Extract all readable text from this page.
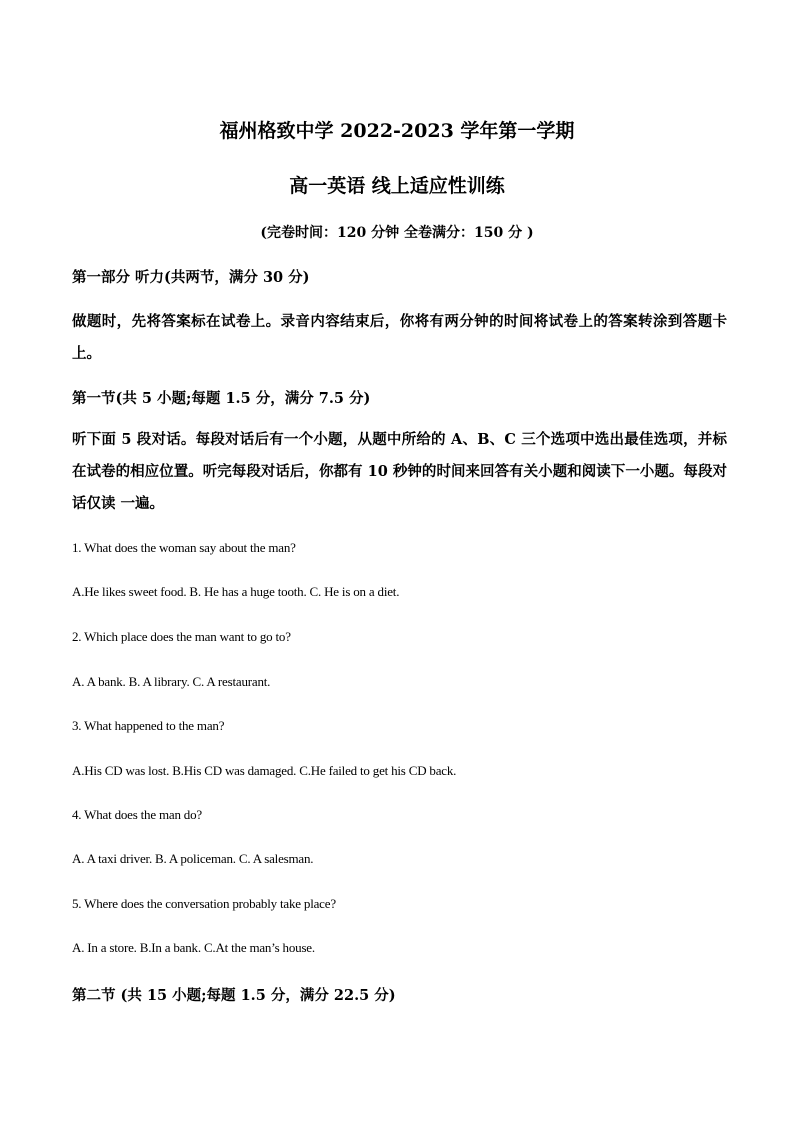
福州格致中学 2022-2023 学年第一学期
高一英语 线上适应性训练
(完卷时间：120 分钟 全卷满分：150 分 )
第一部分 听力(共两节，满分 30 分)
做题时，先将答案标在试卷上。录音内容结束后，你将有两分钟的时间将试卷上的答案转涂到答题卡上。
第一节(共 5 小题;每题 1.5 分，满分 7.5 分)
听下面 5 段对话。每段对话后有一个小题，从题中所给的 A、B、C 三个选项中选出最佳选项，并标在试卷的相应位置。听完每段对话后，你都有 10 秒钟的时间来回答有关小题和阅读下一小题。每段对话仅读 一遍。
1. What does the woman say about the man?
A.He likes sweet food. B. He has a huge tooth. C. He is on a diet.
2. Which place does the man want to go to?
A. A bank. B. A library. C. A restaurant.
3. What happened to the man?
A.His CD was lost. B.His CD was damaged. C.He failed to get his CD back.
4. What does the man do?
A. A taxi driver. B. A policeman. C. A salesman.
5. Where does the conversation probably take place?
A. In a store. B.In a bank. C.At the man’s house.
第二节 (共 15 小题;每题 1.5 分，满分 22.5 分)
